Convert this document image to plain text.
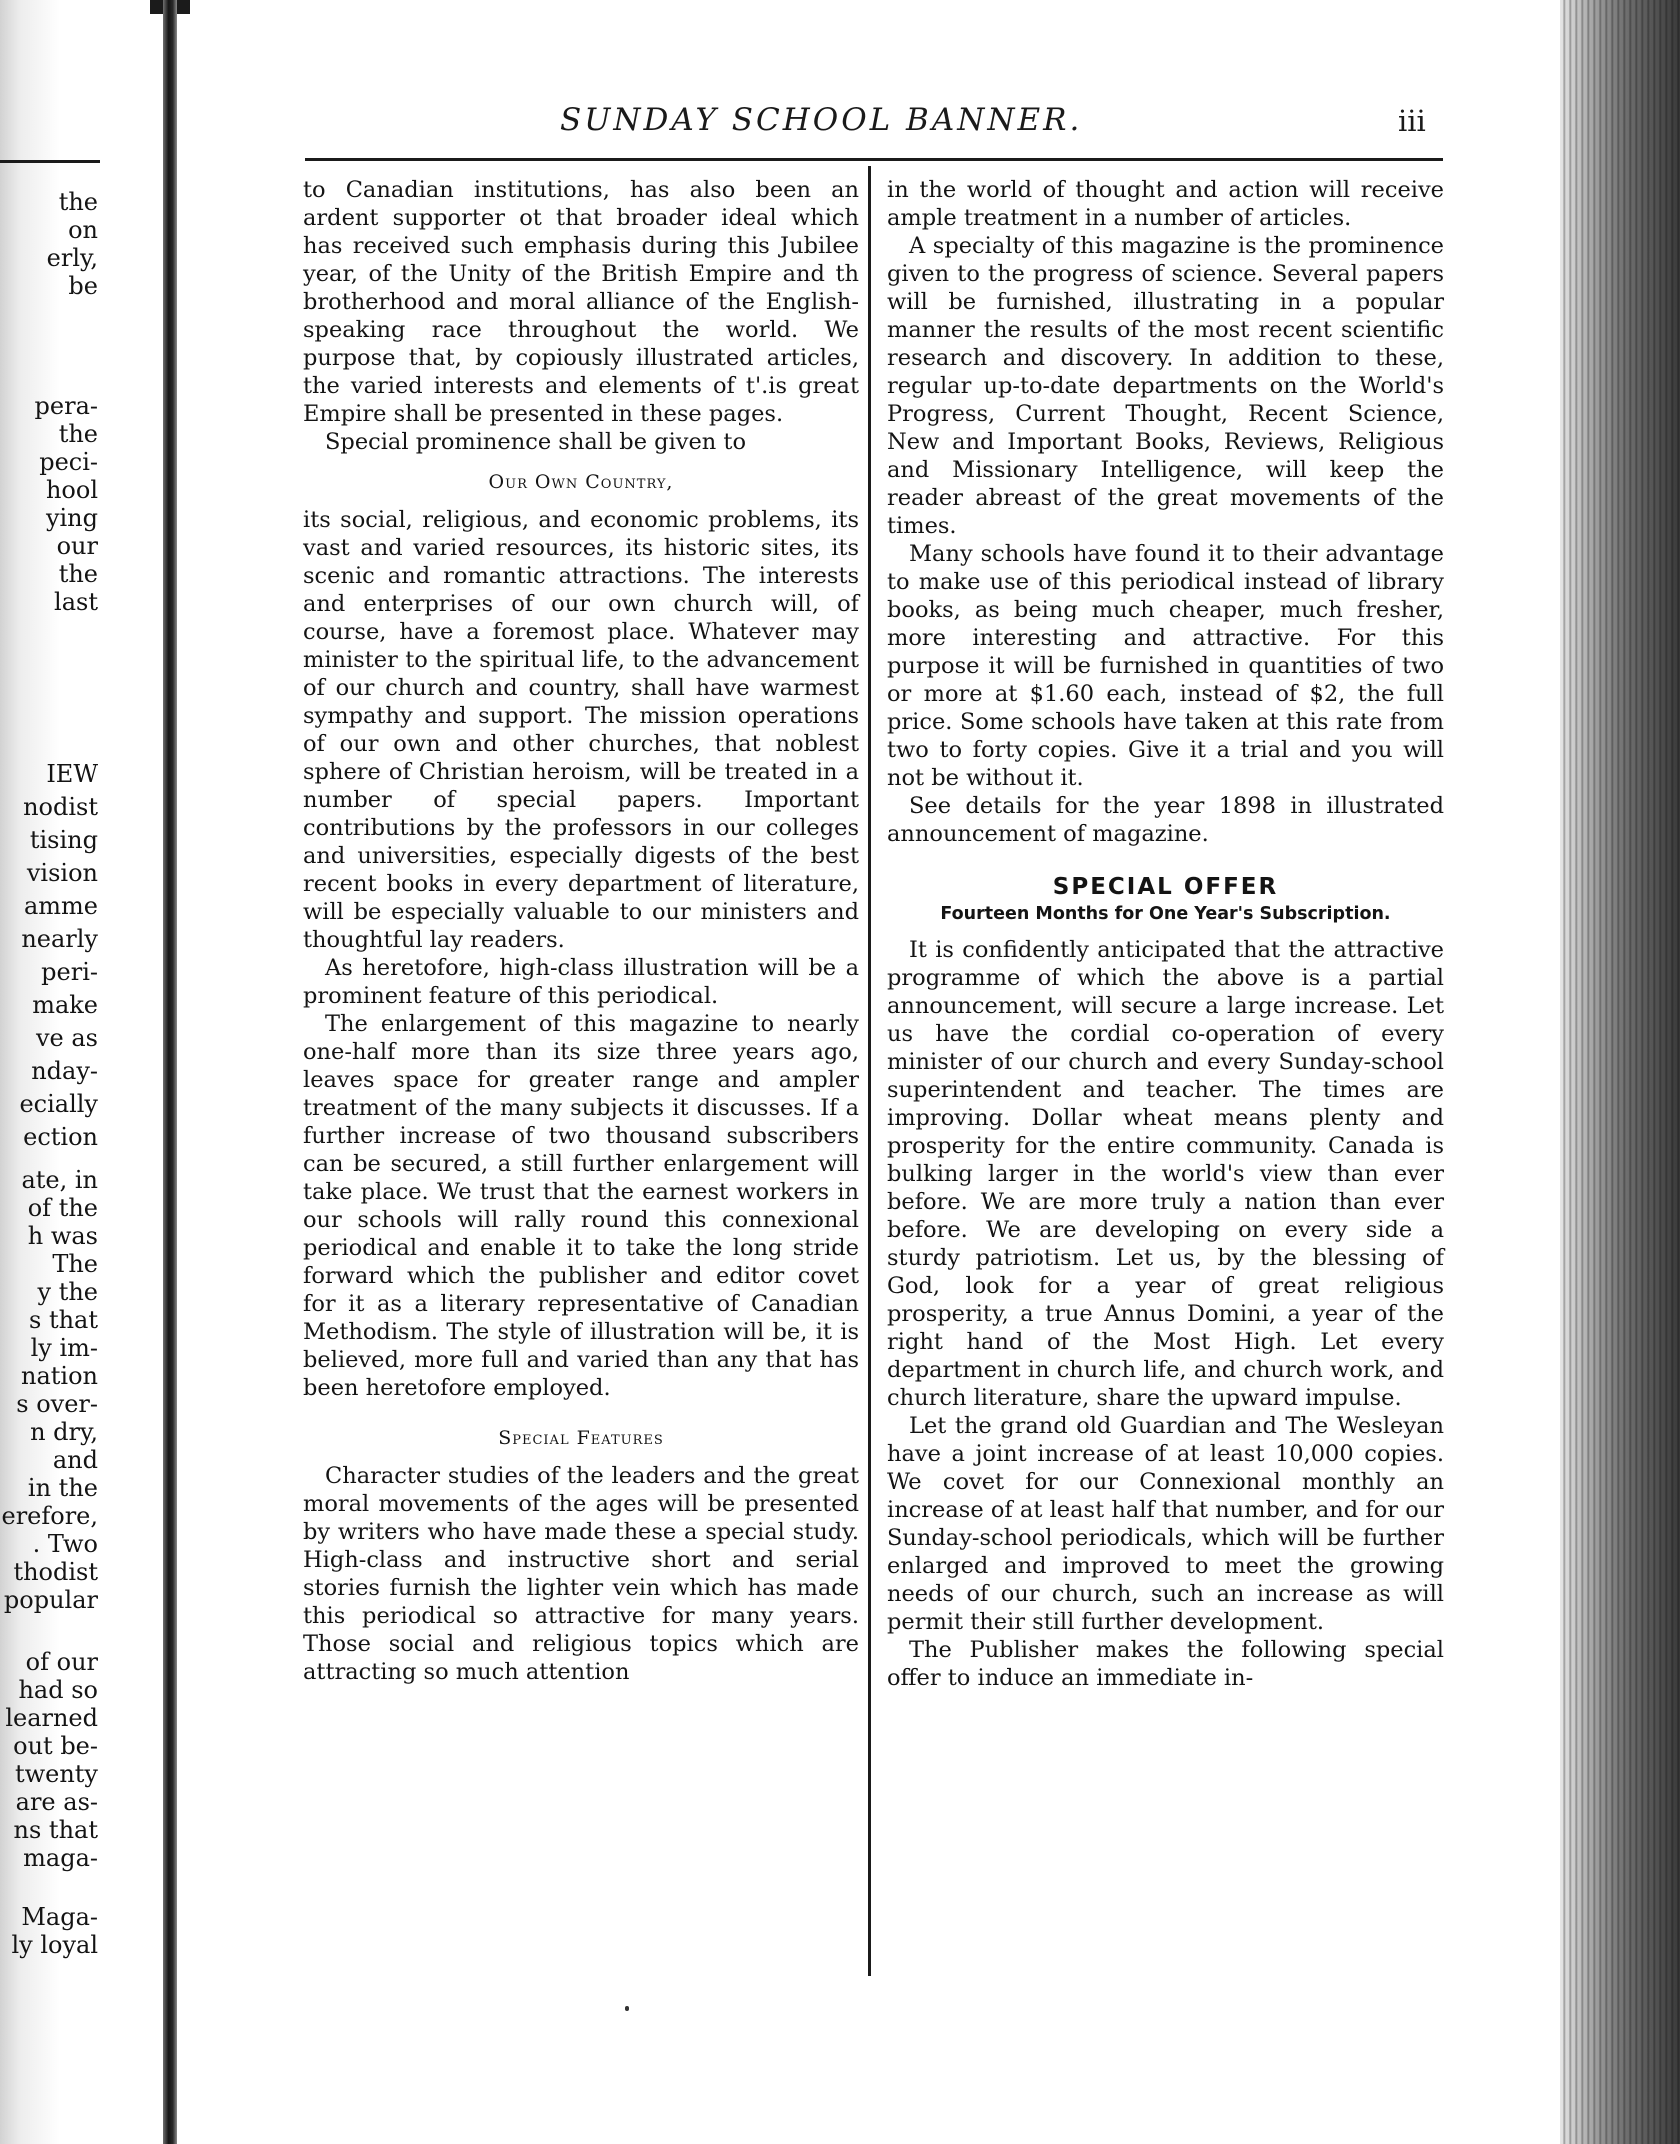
the
on
erly,
be
pera-
the
peci-
hool
ying
our
the
last
IEW
nodist
tising
vision
amme
nearly
peri-
make
ve as
nday-
ecially
ection
ate, in
of the
h was
The
y the
s that
ly im-
nation
s over-
n dry,
and
in the
erefore,
. Two
thodist
popular
of our
had so
learned
out be-
twenty
are as-
ns that
maga-
Maga-
ly loyal
SUNDAY SCHOOL BANNER.	iii

to Canadian institutions, has also been an ardent supporter ot that broader ideal which has received such emphasis during this Jubilee year, of the Unity of the British Empire and th brotherhood and moral alliance of the English-speaking race throughout the world. We purpose that, by copiously illustrated articles, the varied interests and elements of t'.is great Empire shall be presented in these pages.

Special prominence shall be given to

Our Own Country,

its social, religious, and economic problems, its vast and varied resources, its historic sites, its scenic and romantic attractions. The interests and enterprises of our own church will, of course, have a foremost place. Whatever may minister to the spiritual life, to the advancement of our church and country, shall have warmest sympathy and support. The mission operations of our own and other churches, that noblest sphere of Christian heroism, will be treated in a number of special papers. Important contributions by the professors in our colleges and universities, especially digests of the best recent books in every department of literature, will be especially valuable to our ministers and thoughtful lay readers.

As heretofore, high-class illustration will be a prominent feature of this periodical.

The enlargement of this magazine to nearly one-half more than its size three years ago, leaves space for greater range and ampler treatment of the many subjects it discusses. If a further increase of two thousand subscribers can be secured, a still further enlargement will take place. We trust that the earnest workers in our schools will rally round this connexional periodical and enable it to take the long stride forward which the publisher and editor covet for it as a literary representative of Canadian Methodism. The style of illustration will be, it is believed, more full and varied than any that has been heretofore employed.

Special Features

Character studies of the leaders and the great moral movements of the ages will be presented by writers who have made these a special study. High-class and instructive short and serial stories furnish the lighter vein which has made this periodical so attractive for many years. Those social and religious topics which are attracting so much attention

in the world of thought and action will receive ample treatment in a number of articles.

A specialty of this magazine is the prominence given to the progress of science. Several papers will be furnished, illustrating in a popular manner the results of the most recent scientific research and discovery. In addition to these, regular up-to-date departments on the World's Progress, Current Thought, Recent Science, New and Important Books, Reviews, Religious and Missionary Intelligence, will keep the reader abreast of the great movements of the times.

Many schools have found it to their advantage to make use of this periodical instead of library books, as being much cheaper, much fresher, more interesting and attractive. For this purpose it will be furnished in quantities of two or more at $1.60 each, instead of $2, the full price. Some schools have taken at this rate from two to forty copies. Give it a trial and you will not be without it.

See details for the year 1898 in illustrated announcement of magazine.

SPECIAL OFFER
Fourteen Months for One Year's Subscription.

It is confidently anticipated that the attractive programme of which the above is a partial announcement, will secure a large increase. Let us have the cordial co-operation of every minister of our church and every Sunday-school superintendent and teacher. The times are improving. Dollar wheat means plenty and prosperity for the entire community. Canada is bulking larger in the world's view than ever before. We are more truly a nation than ever before. We are developing on every side a sturdy patriotism. Let us, by the blessing of God, look for a year of great religious prosperity, a true Annus Domini, a year of the right hand of the Most High. Let every department in church life, and church work, and church literature, share the upward impulse.

Let the grand old Guardian and The Wesleyan have a joint increase of at least 10,000 copies. We covet for our Connexional monthly an increase of at least half that number, and for our Sunday-school periodicals, which will be further enlarged and improved to meet the growing needs of our church, such an increase as will permit their still further development.

The Publisher makes the following special offer to induce an immediate in-
